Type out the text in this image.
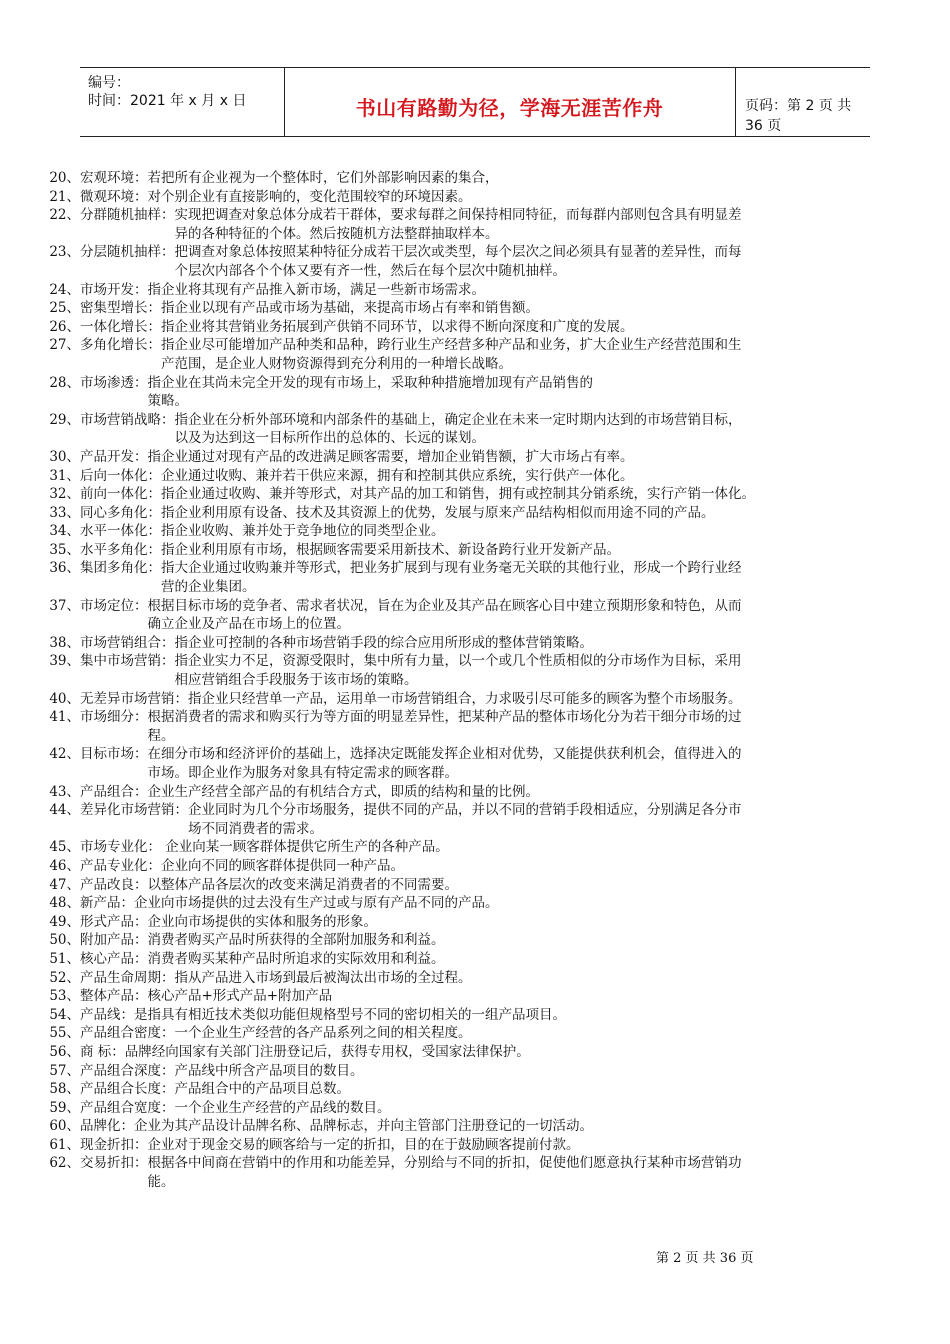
编号：
时间：2021 年 x 月 x 日	书山有路勤为径，学海无涯苦作舟	页码：第 2 页 共 36 页
20、 宏观环境：若把所有企业视为一个整体时，它们外部影响因素的集合，
21、 微观环境：对个别企业有直接影响的，变化范围较窄的环境因素。
22、 分群随机抽样：实现把调查对象总体分成若干群体，要求每群之间保持相同特征，而每群内部则包含具有明显差
异的各种特征的个体。然后按随机方法整群抽取样本。
23、 分层随机抽样：把调查对象总体按照某种特征分成若干层次或类型，每个层次之间必须具有显著的差异性，而每
个层次内部各个个体又要有齐一性，然后在每个层次中随机抽样。
24、 市场开发：指企业将其现有产品推入新市场，满足一些新市场需求。
25、 密集型增长：指企业以现有产品或市场为基础，来提高市场占有率和销售额。
26、 一体化增长：指企业将其营销业务拓展到产供销不同环节，以求得不断向深度和广度的发展。
27、 多角化增长：指企业尽可能增加产品种类和品种，跨行业生产经营多种产品和业务，扩大企业生产经营范围和生
产范围，是企业人财物资源得到充分利用的一种增长战略。
28、 市场渗透：指企业在其尚未完全开发的现有市场上，采取种种措施增加现有产品销售的
策略。
29、 市场营销战略：指企业在分析外部环境和内部条件的基础上，确定企业在未来一定时期内达到的市场营销目标，
以及为达到这一目标所作出的总体的、长远的谋划。
30、 产品开发：指企业通过对现有产品的改进满足顾客需要，增加企业销售额，扩大市场占有率。
31、 后向一体化：企业通过收购、兼并若干供应来源，拥有和控制其供应系统，实行供产一体化。
32、 前向一体化：指企业通过收购、兼并等形式，对其产品的加工和销售，拥有或控制其分销系统，实行产销一体化。
33、 同心多角化：指企业利用原有设备、技术及其资源上的优势，发展与原来产品结构相似而用途不同的产品。
34、 水平一体化：指企业收购、兼并处于竞争地位的同类型企业。
35、 水平多角化：指企业利用原有市场，根据顾客需要采用新技术、新设备跨行业开发新产品。
36、 集团多角化：指大企业通过收购兼并等形式，把业务扩展到与现有业务毫无关联的其他行业，形成一个跨行业经
营的企业集团。
37、 市场定位：根据目标市场的竞争者、需求者状况，旨在为企业及其产品在顾客心目中建立预期形象和特色，从而
确立企业及产品在市场上的位置。
38、 市场营销组合：指企业可控制的各种市场营销手段的综合应用所形成的整体营销策略。
39、 集中市场营销：指企业实力不足，资源受限时，集中所有力量，以一个或几个性质相似的分市场作为目标，采用
相应营销组合手段服务于该市场的策略。
40、 无差异市场营销：指企业只经营单一产品，运用单一市场营销组合，力求吸引尽可能多的顾客为整个市场服务。
41、 市场细分：根据消费者的需求和购买行为等方面的明显差异性，把某种产品的整体市场化分为若干细分市场的过
程。
42、 目标市场：在细分市场和经济评价的基础上，选择决定既能发挥企业相对优势，又能提供获利机会，值得进入的
市场。即企业作为服务对象具有特定需求的顾客群。
43、 产品组合：企业生产经营全部产品的有机结合方式，即质的结构和量的比例。
44、 差异化市场营销：企业同时为几个分市场服务，提供不同的产品，并以不同的营销手段相适应，分别满足各分市
场不同消费者的需求。
45、 市场专业化： 企业向某一顾客群体提供它所生产的各种产品。
46、 产品专业化：企业向不同的顾客群体提供同一种产品。
47、 产品改良：以整体产品各层次的改变来满足消费者的不同需要。
48、 新产品：企业向市场提供的过去没有生产过或与原有产品不同的产品。
49、 形式产品：企业向市场提供的实体和服务的形象。
50、 附加产品：消费者购买产品时所获得的全部附加服务和利益。
51、 核心产品：消费者购买某种产品时所追求的实际效用和利益。
52、 产品生命周期：指从产品进入市场到最后被淘汰出市场的全过程。
53、 整体产品：核心产品+形式产品+附加产品
54、 产品线：是指具有相近技术类似功能但规格型号不同的密切相关的一组产品项目。
55、 产品组合密度：一个企业生产经营的各产品系列之间的相关程度。
56、 商 标：品牌经向国家有关部门注册登记后，获得专用权，受国家法律保护。
57、 产品组合深度：产品线中所含产品项目的数目。
58、 产品组合长度：产品组合中的产品项目总数。
59、 产品组合宽度：一个企业生产经营的产品线的数目。
60、 品牌化：企业为其产品设计品牌名称、品牌标志，并向主管部门注册登记的一切活动。
61、 现金折扣：企业对于现金交易的顾客给与一定的折扣，目的在于鼓励顾客提前付款。
62、 交易折扣：根据各中间商在营销中的作用和功能差异，分别给与不同的折扣，促使他们愿意执行某种市场营销功
能。
第 2 页 共 36 页
